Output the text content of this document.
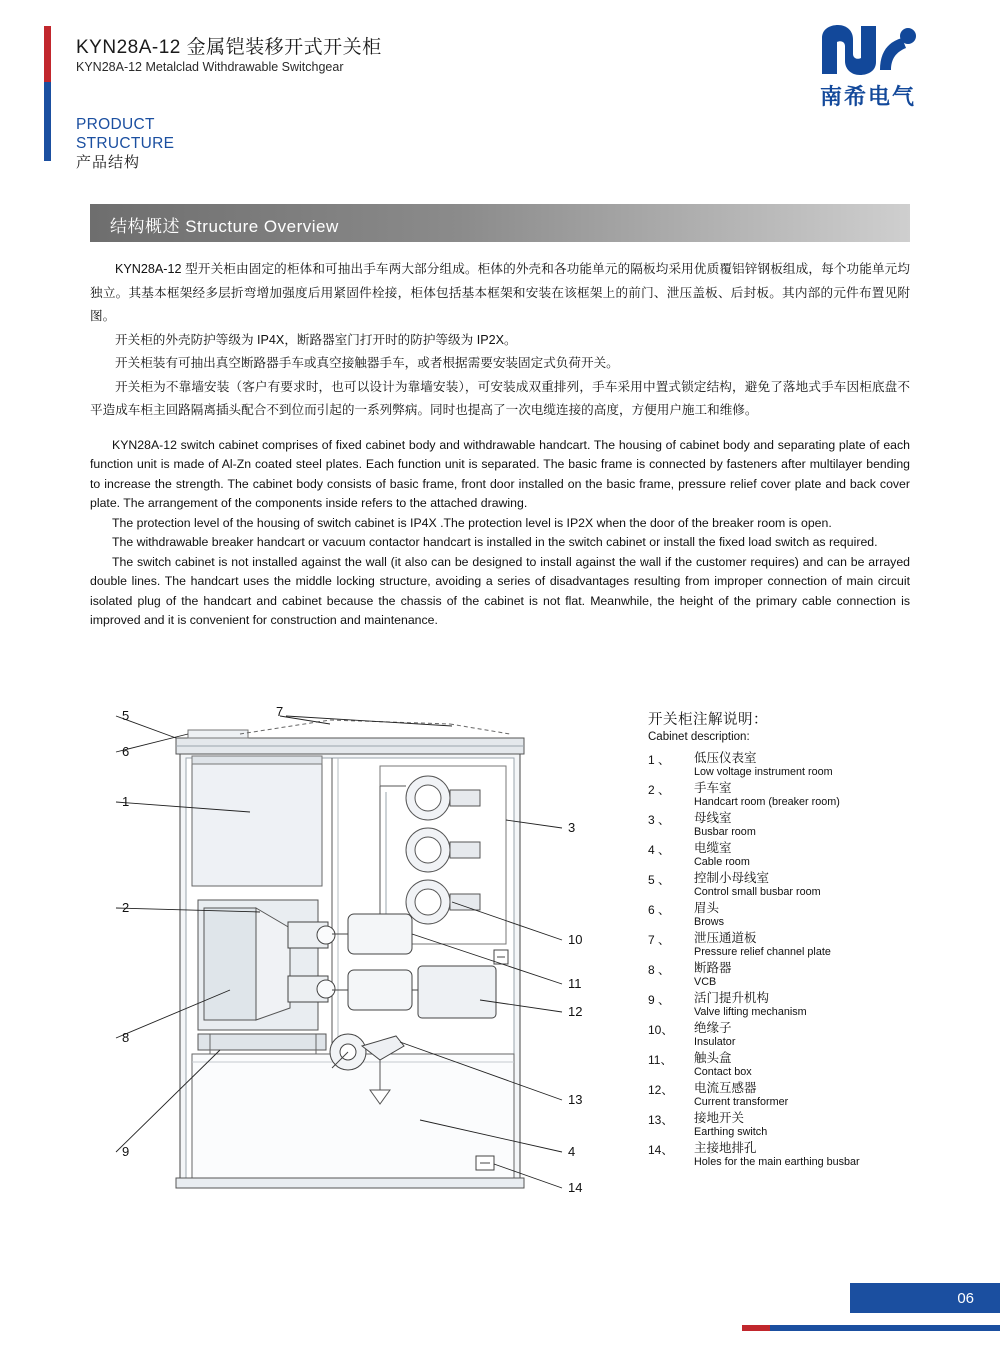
KYN28A-12 金属铠装移开式开关柜
KYN28A-12 Metalclad Withdrawable Switchgear
PRODUCT
STRUCTURE
产品结构
南希电气
结构概述 Structure Overview

KYN28A-12 型开关柜由固定的柜体和可抽出手车两大部分组成。柜体的外壳和各功能单元的隔板均采用优质覆铝锌钢板组成，每个功能单元均独立。其基本框架经多层折弯增加强度后用紧固件栓接，柜体包括基本框架和安装在该框架上的前门、泄压盖板、后封板。其内部的元件布置见附图。

开关柜的外壳防护等级为 IP4X，断路器室门打开时的防护等级为 IP2X。

开关柜装有可抽出真空断路器手车或真空接触器手车，或者根据需要安装固定式负荷开关。

开关柜为不靠墙安装（客户有要求时，也可以设计为靠墙安装），可安装成双重排列，手车采用中置式锁定结构，避免了落地式手车因柜底盘不平造成车柜主回路隔离插头配合不到位而引起的一系列弊病。同时也提高了一次电缆连接的高度，方便用户施工和维修。

KYN28A-12 switch cabinet comprises of fixed cabinet body and withdrawable handcart. The housing of cabinet body and separating plate of each function unit is made of Al-Zn coated steel plates. Each function unit is separated. The basic frame is connected by fasteners after multilayer bending to increase the strength. The cabinet body consists of basic frame, front door installed on the basic frame, pressure relief cover plate and back cover plate. The arrangement of the components inside refers to the attached drawing.

The protection level of the housing of switch cabinet is IP4X .The protection level is IP2X when the door of the breaker room is open.

The withdrawable breaker handcart or vacuum contactor handcart is installed in the switch cabinet or install the fixed load switch as required.

The switch cabinet is not installed against the wall (it also can be designed to install against the wall if the customer requires) and can be arrayed double lines. The handcart uses the middle locking structure, avoiding a series of disadvantages resulting from improper connection of main circuit isolated plug of the handcart and cabinet because the chassis of the cabinet is not flat. Meanwhile, the height of the primary cable connection is improved and it is convenient for construction and maintenance.

5
6
1
2
8
9
7
3
10
11
12
13
4
14
开关柜注解说明：
Cabinet description:
1 、	低压仪表室
Low voltage instrument room
2 、	手车室
Handcart room (breaker room)
3 、	母线室
Busbar room
4 、	电缆室
Cable room
5 、	控制小母线室
Control small busbar room
6 、	眉头
Brows
7 、	泄压通道板
Pressure relief channel plate
8 、	断路器
VCB
9 、	活门提升机构
Valve lifting mechanism
10、	绝缘子
Insulator
11、	触头盒
Contact box
12、	电流互感器
Current transformer
13、	接地开关
Earthing switch
14、	主接地排孔
Holes for the main earthing busbar
06
